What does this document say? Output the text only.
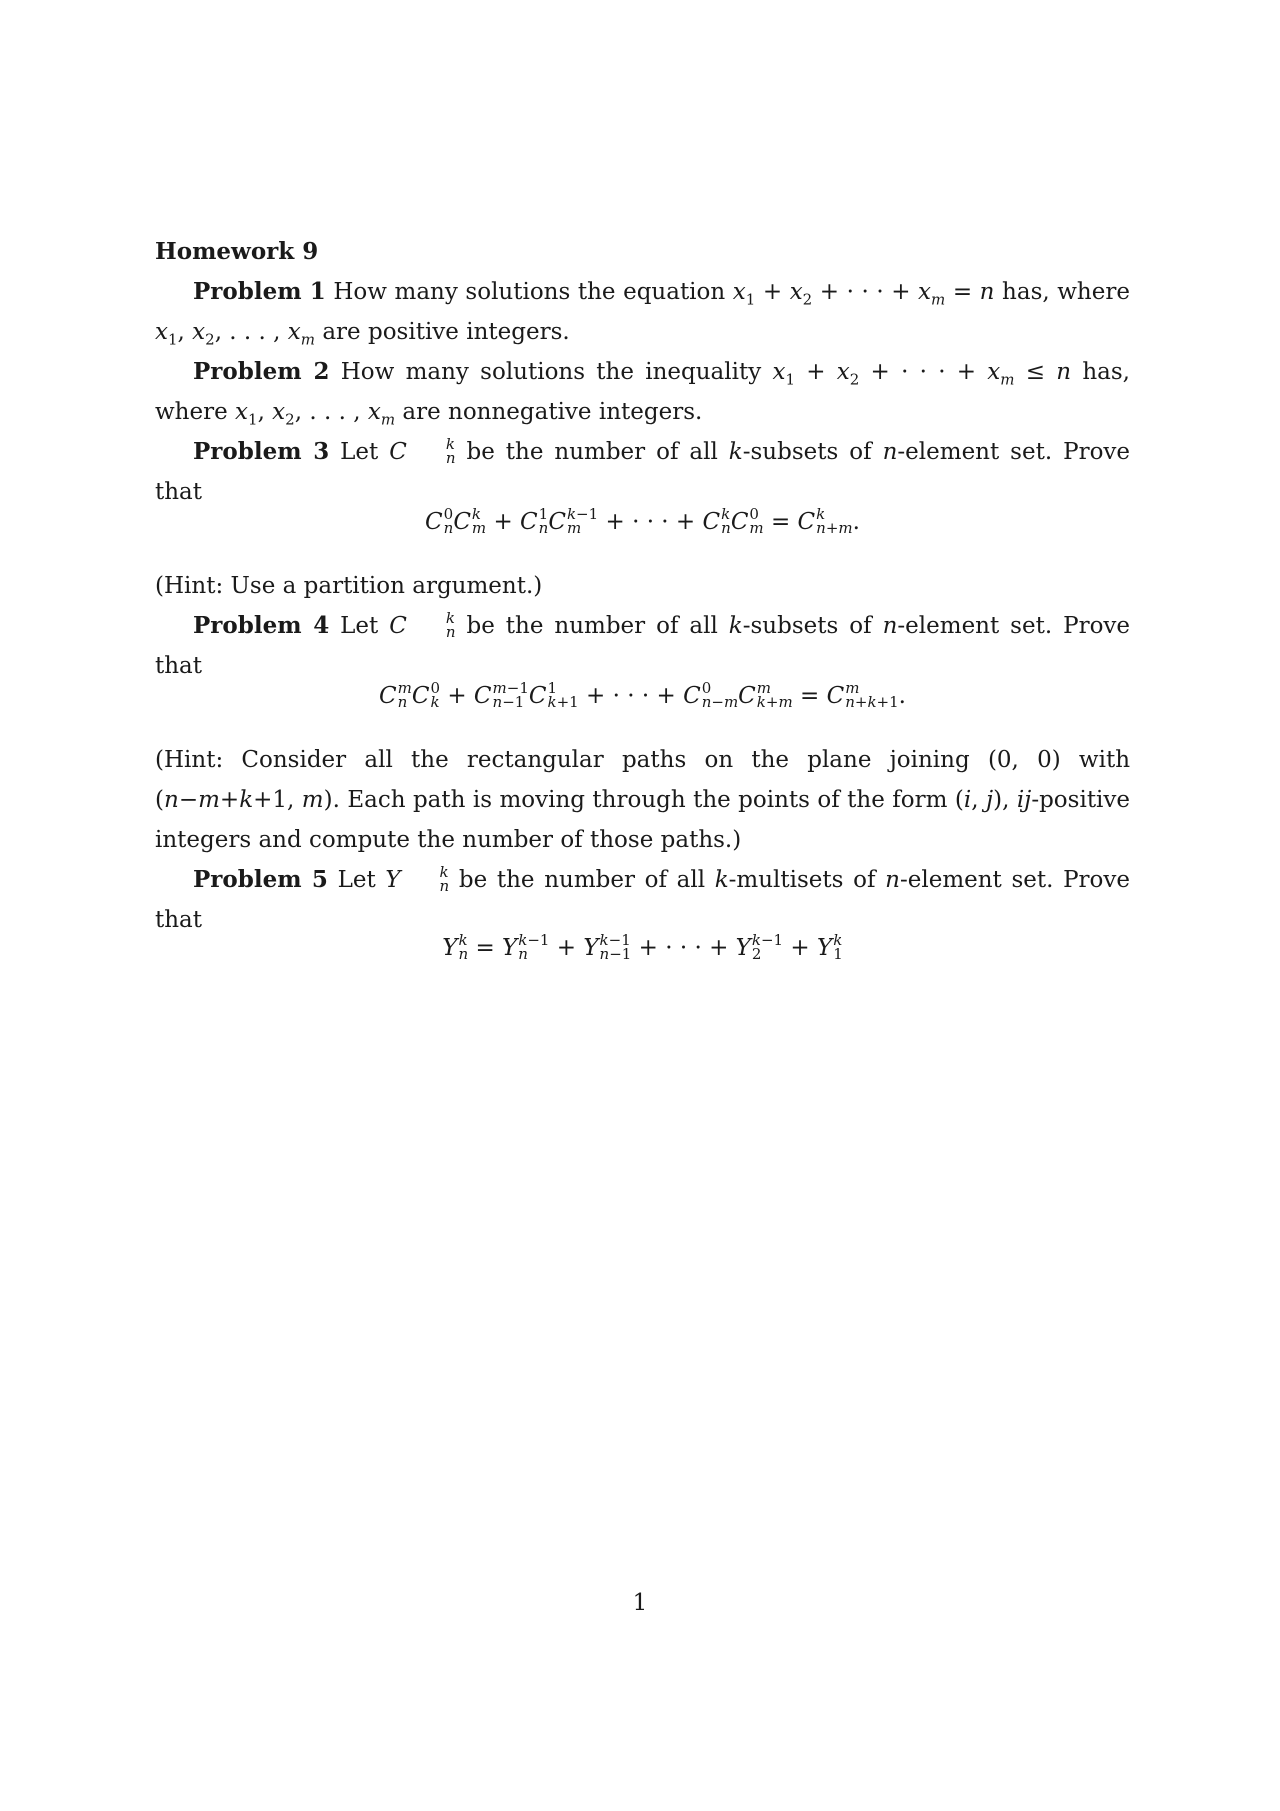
Homework 9

Problem 1 How many solutions the equation $x_1 + x_2$ + · · · + $x_m = n$ has, where $x_1$, $x_2$, . . . , $x_m$ are positive integers.

Problem 2 How many solutions the inequality $x_1 + x_2$ + · · · + $x_m \le n$ has, where $x_1$, $x_2$, . . . , $x_m$ are nonnegative integers.

Problem 3 Let C	k
n be the number of all k-subsets of n-element set. Prove that

C 0
n C k
m + C 1
n C k−1
m	+ · · · + C k
n C 0
m = C k
n+m .

(Hint: Use a partition argument.)

Problem 4 Let C	k
n be the number of all k-subsets of n-element set. Prove that

C m
n C 0
k + C m−1
n−1 C 1
k+1 + · · · + C 0
n−m C m
k+m = C m
n+k+1 .

(Hint: Consider all the rectangular paths on the plane joining (0, 0) with (n−m+k+1, m). Each path is moving through the points of the form (i, j), ij-positive integers and compute the number of those paths.)

Problem 5 Let Y	k
n be the number of all k-multisets of n-element set. Prove that

Y k
n = Y k−1
n	+ Y k−1
n−1 + · · · + Y k−1
2	+ Y k
1
1
